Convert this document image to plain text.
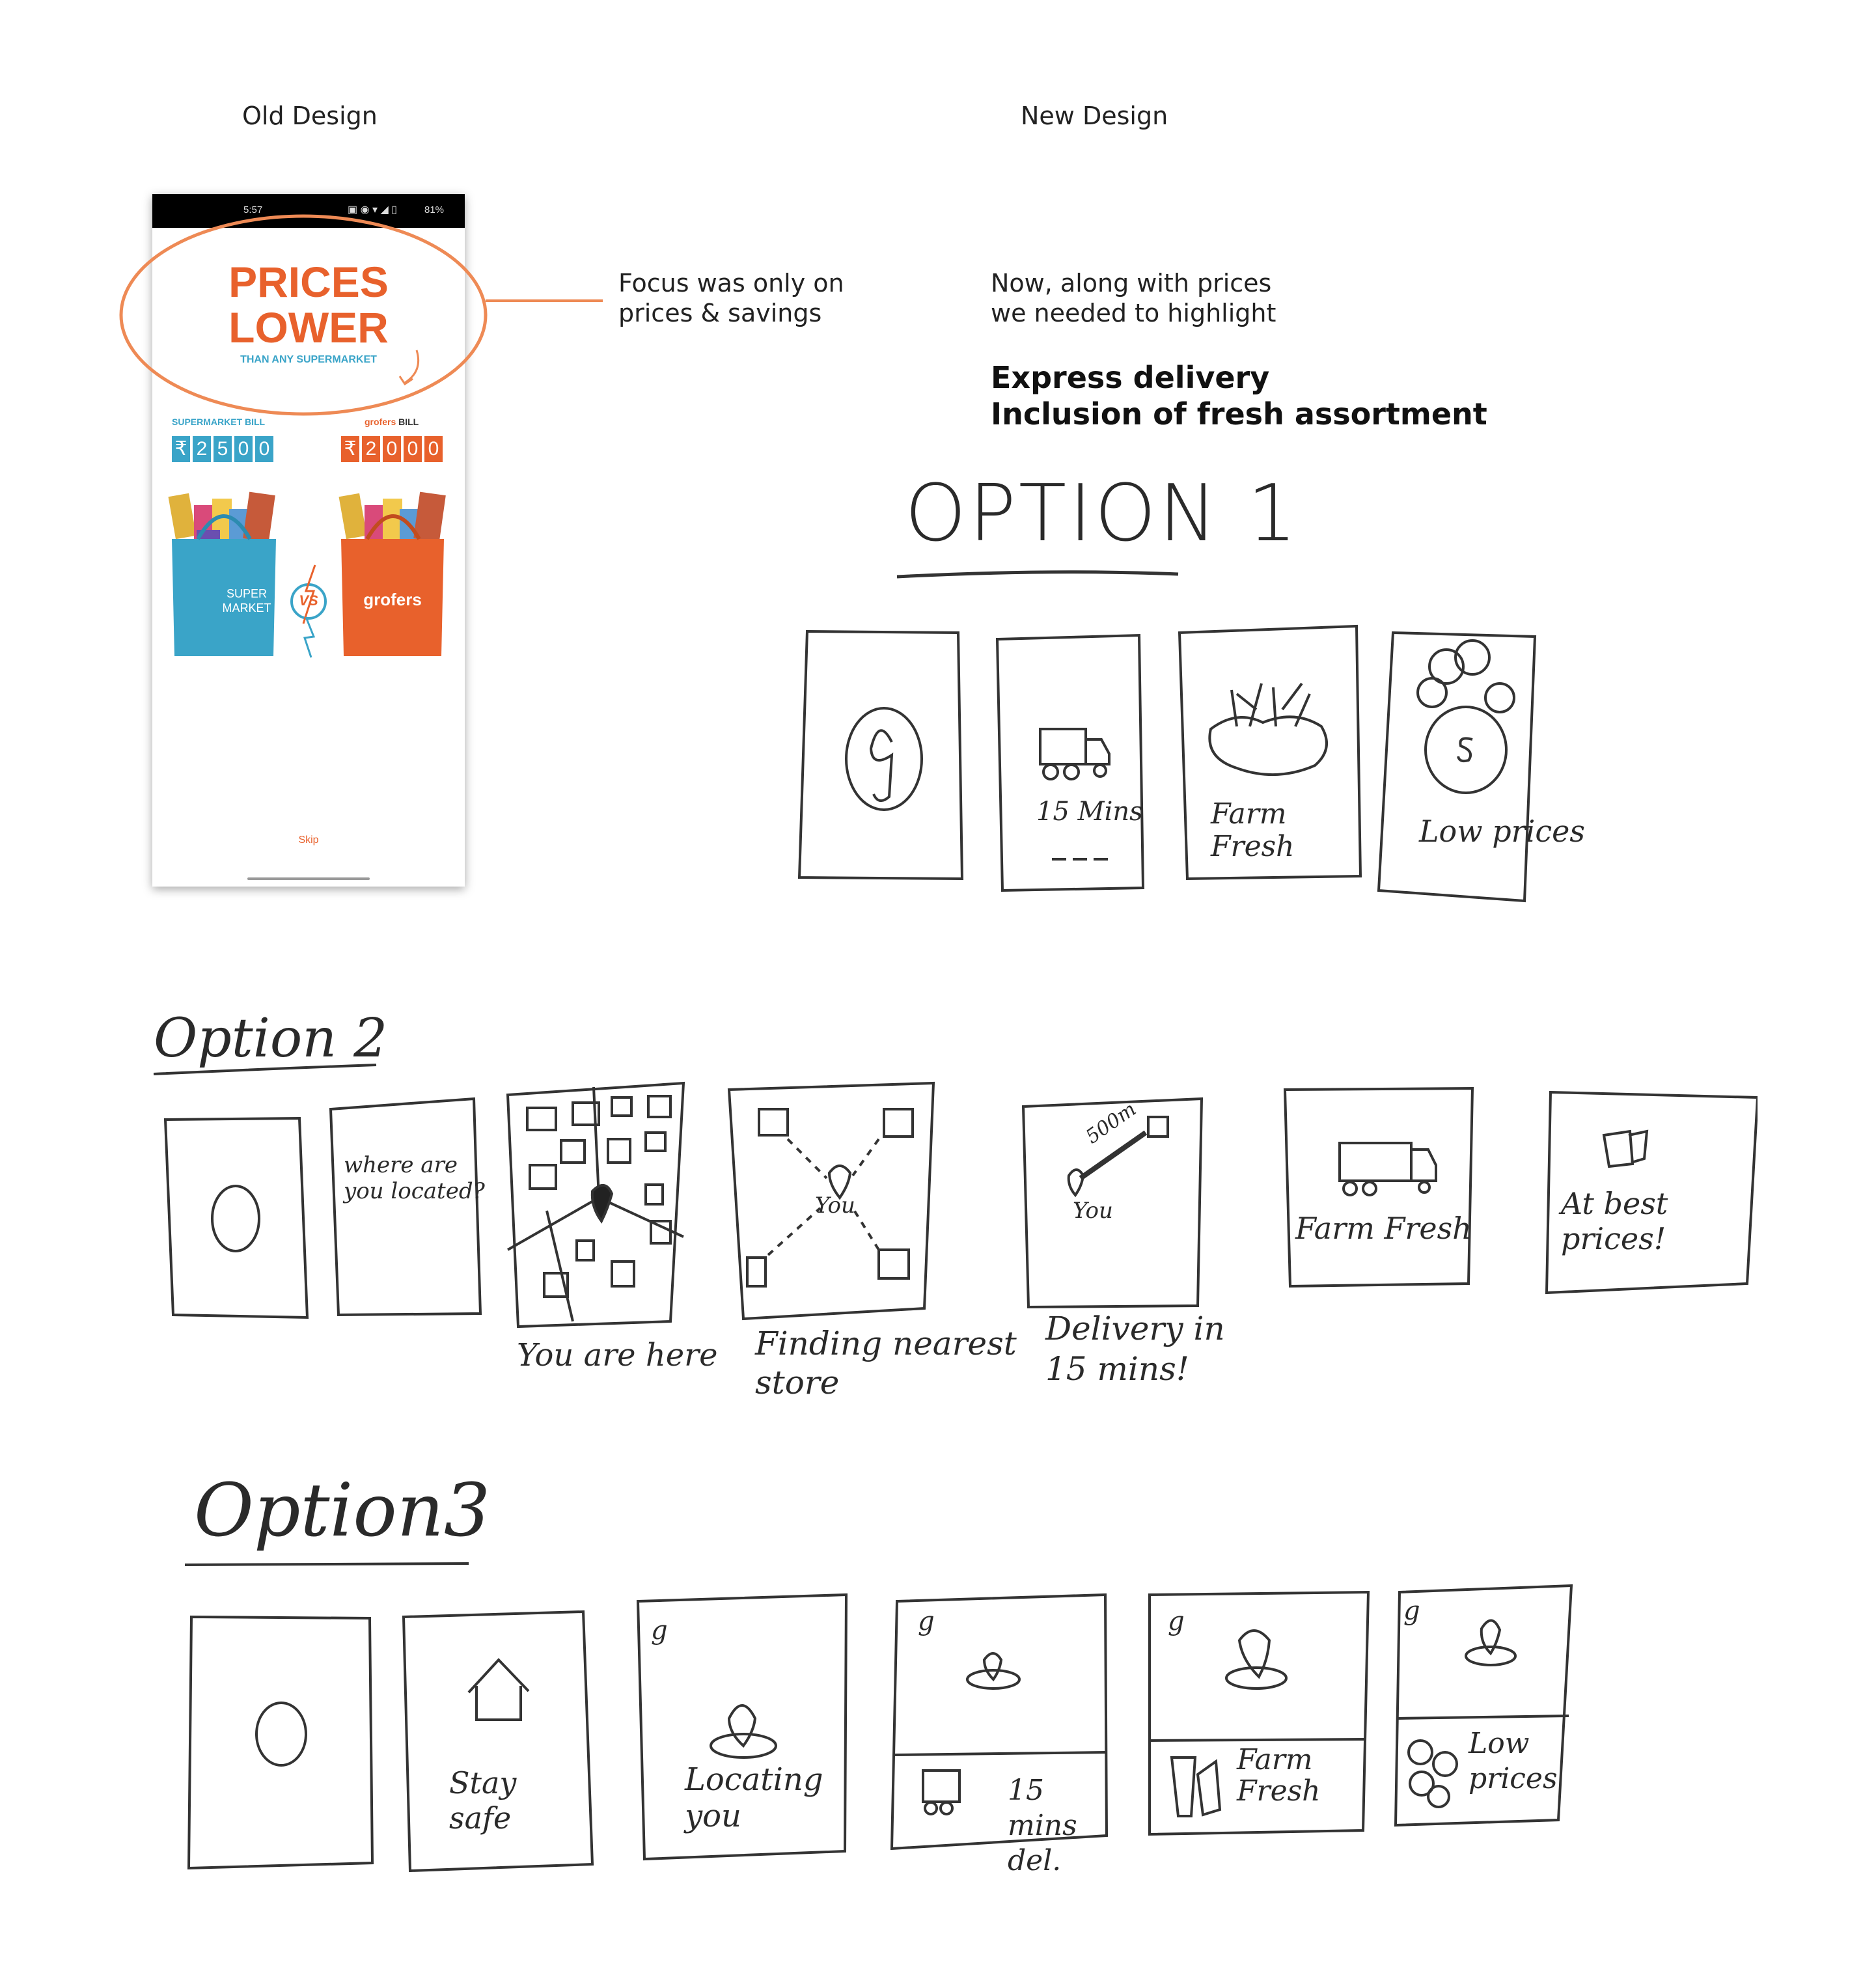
Old Design	New Design
5:57	▣ ◉ ▾ ◢ ▯	81%
PRICES
LOWER
THAN ANY SUPERMARKET
SUPERMARKET BILL	grofers BILL
₹ 2 5 0 0	₹ 2 0 0 0
SUPER
MARKET	grofers
VS
Skip
Focus was only on
prices & savings
Now, along with prices
we needed to highlight
Express delivery
Inclusion of fresh assortment
OPTION 1
15 Mins Farm Fresh	Low prices
Option 2
where are you located?
500m
You	You	Farm Fresh
At best prices!
You are here Finding nearest store
Delivery in 15 mins!
Option3
g	g	g	g
Stay safe
Locating you
15 mins del.
Farm Fresh
Low prices
